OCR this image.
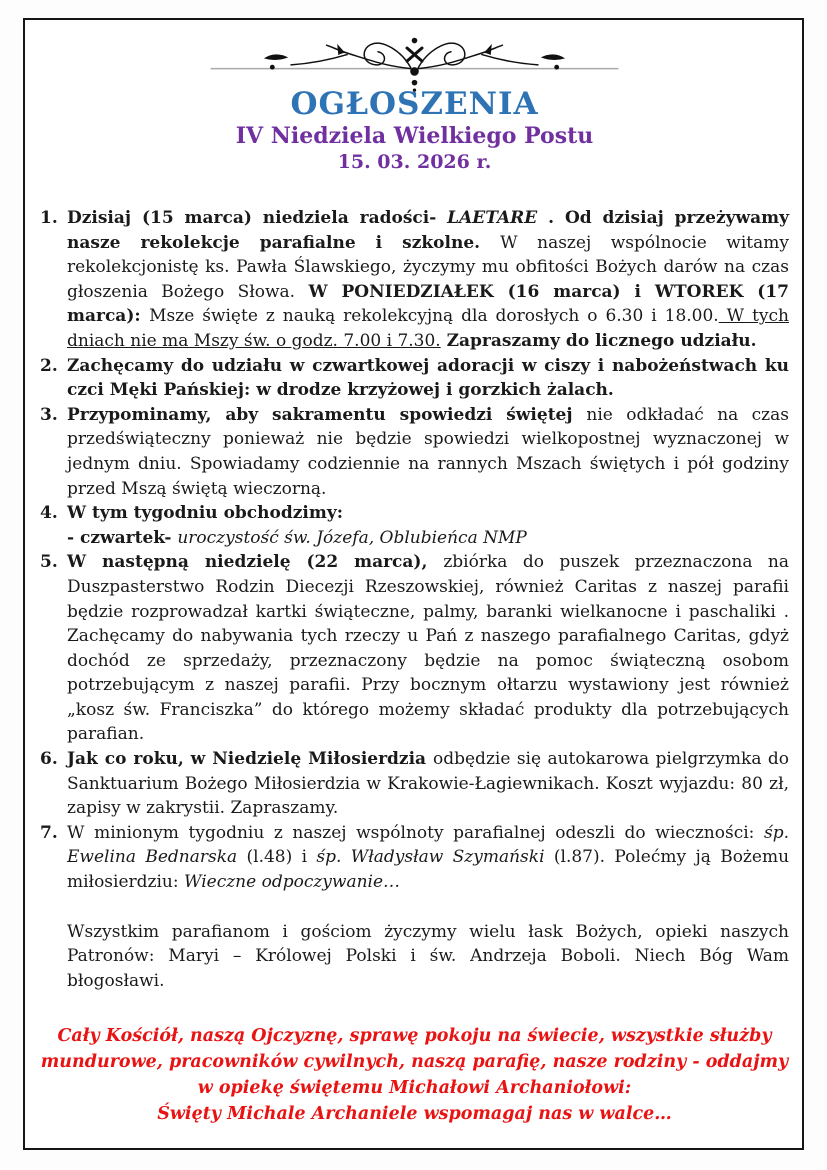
OGŁOSZENIA
IV Niedziela Wielkiego Postu
15. 03. 2026 r.
1. Dzisiaj (15 marca) niedziela radości- LAETARE . Od dzisiaj przeżywamy nasze rekolekcje parafialne i szkolne. W naszej wspólnocie witamy rekolekcjonistę ks. Pawła Ślawskiego, życzymy mu obfitości Bożych darów na czas głoszenia Bożego Słowa. W PONIEDZIAŁEK (16 marca) i WTOREK (17 marca): Msze święte z nauką rekolekcyjną dla dorosłych o 6.30 i 18.00. W tych dniach nie ma Mszy św. o godz. 7.00 i 7.30. Zapraszamy do licznego udziału.
2. Zachęcamy do udziału w czwartkowej adoracji w ciszy i nabożeństwach ku czci Męki Pańskiej: w drodze krzyżowej i gorzkich żalach.
3. Przypominamy, aby sakramentu spowiedzi świętej nie odkładać na czas przedświąteczny ponieważ nie będzie spowiedzi wielkopostnej wyznaczonej w jednym dniu. Spowiadamy codziennie na rannych Mszach świętych i pół godziny przed Mszą świętą wieczorną.
4. W tym tygodniu obchodzimy:
- czwartek- uroczystość św. Józefa, Oblubieńca NMP
5. W następną niedzielę (22 marca), zbiórka do puszek przeznaczona na Duszpasterstwo Rodzin Diecezji Rzeszowskiej, również Caritas z naszej parafii będzie rozprowadzał kartki świąteczne, palmy, baranki wielkanocne i paschaliki . Zachęcamy do nabywania tych rzeczy u Pań z naszego parafialnego Caritas, gdyż dochód ze sprzedaży, przeznaczony będzie na pomoc świąteczną osobom potrzebującym z naszej parafii. Przy bocznym ołtarzu wystawiony jest również „kosz św. Franciszka” do którego możemy składać produkty dla potrzebujących parafian.
6. Jak co roku, w Niedzielę Miłosierdzia odbędzie się autokarowa pielgrzymka do Sanktuarium Bożego Miłosierdzia w Krakowie-Łagiewnikach. Koszt wyjazdu: 80 zł, zapisy w zakrystii. Zapraszamy.
7. W minionym tygodniu z naszej wspólnoty parafialnej odeszli do wieczności: śp. Ewelina Bednarska (l.48) i śp. Władysław Szymański (l.87). Polećmy ją Bożemu miłosierdziu: Wieczne odpoczywanie…

Wszystkim parafianom i gościom życzymy wielu łask Bożych, opieki naszych Patronów: Maryi – Królowej Polski i św. Andrzeja Boboli. Niech Bóg Wam błogosławi.

Cały Kościół, naszą Ojczyznę, sprawę pokoju na świecie, wszystkie służby mundurowe, pracowników cywilnych, naszą parafię, nasze rodziny - oddajmy w opiekę świętemu Michałowi Archaniołowi:

Święty Michale Archaniele wspomagaj nas w walce…
